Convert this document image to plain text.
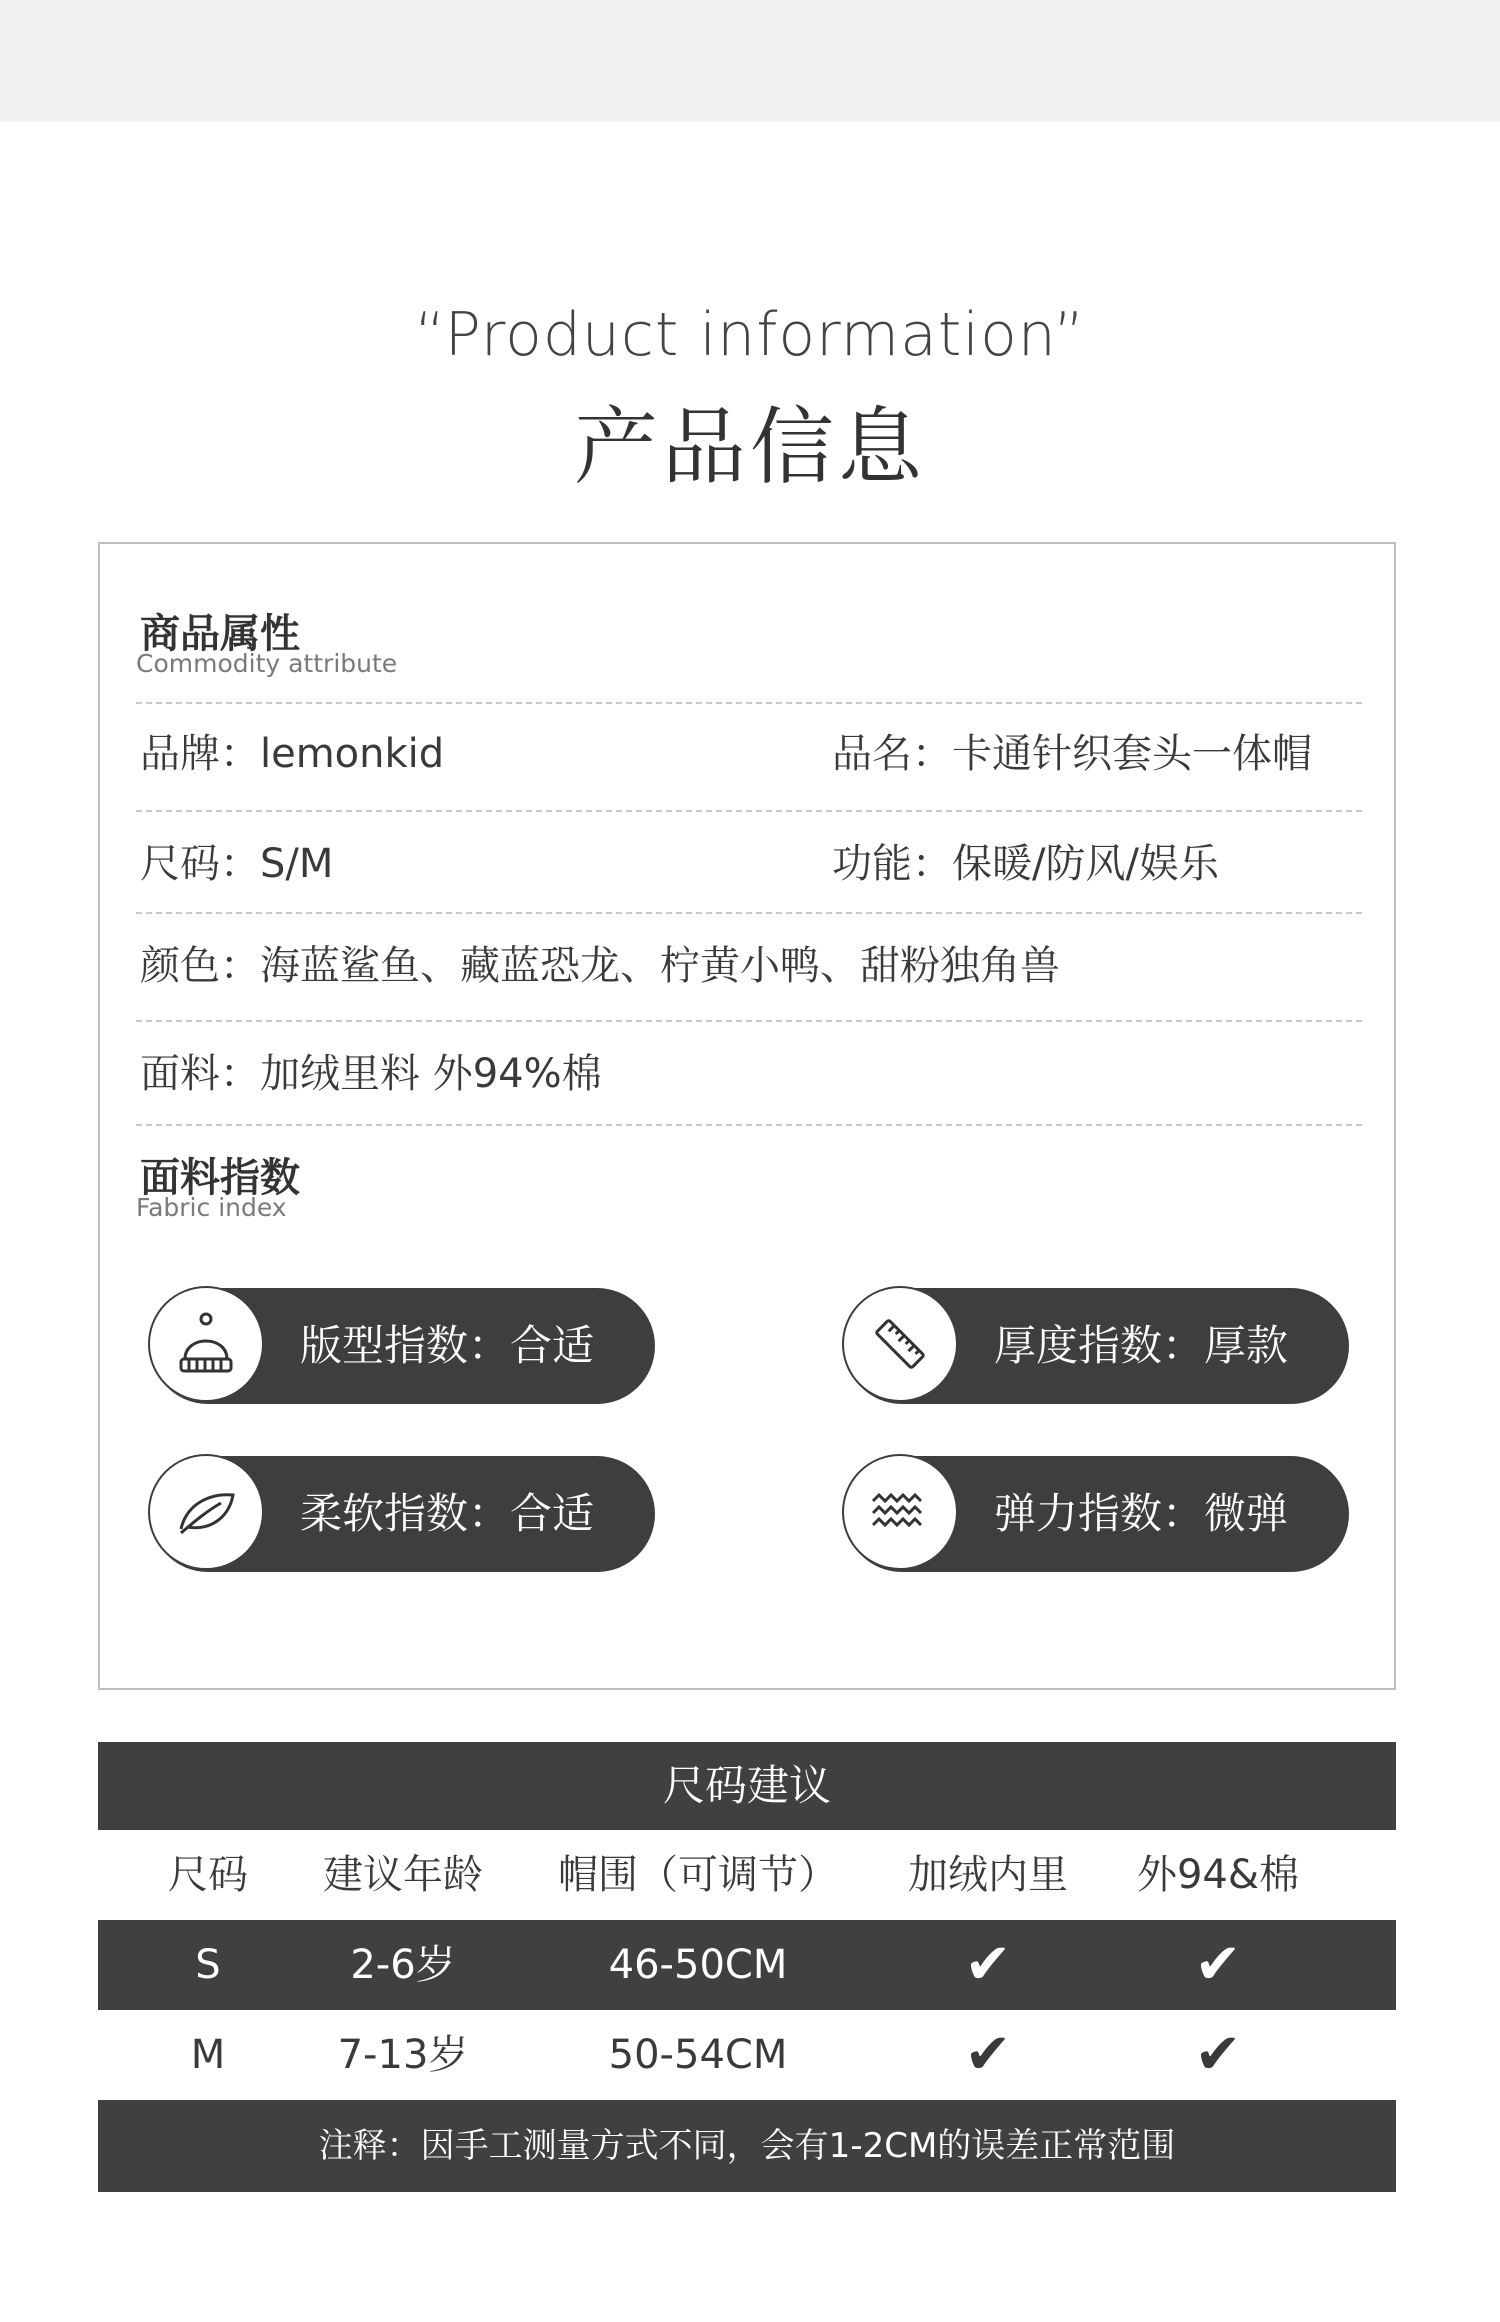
“Product information”
产品信息
商品属性
Commodity attribute
品牌：lemonkid	品名：卡通针织套头一体帽
尺码：S/M	功能：保暖/防风/娱乐
颜色：海蓝鲨鱼、藏蓝恐龙、柠黄小鸭、甜粉独角兽
面料：加绒里料 外94%棉
面料指数
Fabric index
版型指数：合适	厚度指数：厚款
柔软指数：合适	弹力指数：微弹
尺码建议
尺码	建议年龄	帽围（可调节）	加绒内里	外94&棉
S	2-6岁	46-50CM	✔	✔
M	7-13岁	50-54CM	✔	✔
注释：因手工测量方式不同，会有1-2CM的误差正常范围
